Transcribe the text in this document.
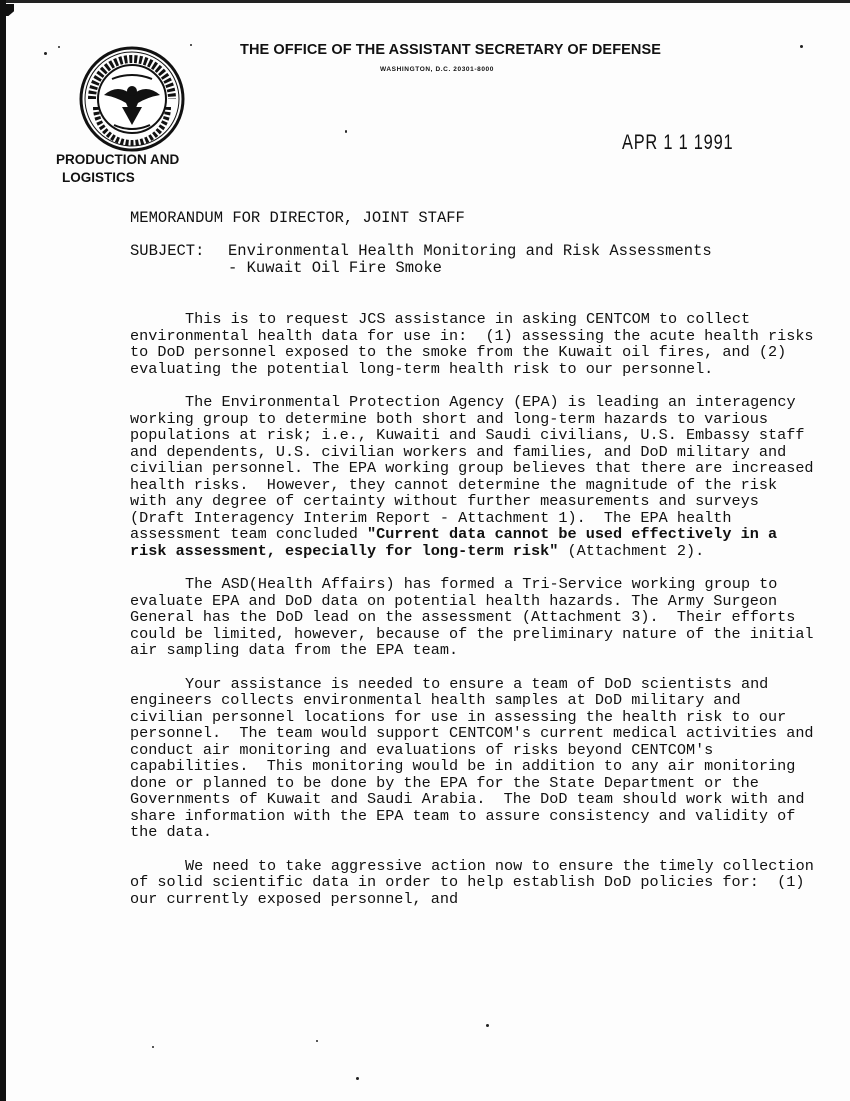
THE OFFICE OF THE ASSISTANT SECRETARY OF DEFENSE
WASHINGTON, D.C. 20301-8000
APR 1 1 1991
PRODUCTION AND
LOGISTICS
MEMORANDUM FOR DIRECTOR, JOINT STAFF
SUBJECT: Environmental Health Monitoring and Risk Assessments
- Kuwait Oil Fire Smoke

This is to request JCS assistance in asking CENTCOM to collect environmental health data for use in:  (1) assessing the acute health risks to DoD personnel exposed to the smoke from the Kuwait oil fires, and (2) evaluating the potential long-term health risk to our personnel.

The Environmental Protection Agency (EPA) is leading an interagency working group to determine both short and long-term hazards to various populations at risk; i.e., Kuwaiti and Saudi civilians, U.S. Embassy staff and dependents, U.S. civilian workers and families, and DoD military and civilian personnel. The EPA working group believes that there are increased health risks.  However, they cannot determine the magnitude of the risk with any degree of certainty without further measurements and surveys (Draft Interagency Interim Report - Attachment 1).  The EPA health assessment team concluded "Current data cannot be used effectively in a risk assessment, especially for long-term risk" (Attachment 2).

The ASD(Health Affairs) has formed a Tri-Service working group to evaluate EPA and DoD data on potential health hazards. The Army Surgeon General has the DoD lead on the assessment (Attachment 3).  Their efforts could be limited, however, because of the preliminary nature of the initial air sampling data from the EPA team.

Your assistance is needed to ensure a team of DoD scientists and engineers collects environmental health samples at DoD military and civilian personnel locations for use in assessing the health risk to our personnel.  The team would support CENTCOM's current medical activities and conduct air monitoring and evaluations of risks beyond CENTCOM's capabilities.  This monitoring would be in addition to any air monitoring done or planned to be done by the EPA for the State Department or the Governments of Kuwait and Saudi Arabia.  The DoD team should work with and share information with the EPA team to assure consistency and validity of the data.

We need to take aggressive action now to ensure the timely collection of solid scientific data in order to help establish DoD policies for:  (1) our currently exposed personnel, and
